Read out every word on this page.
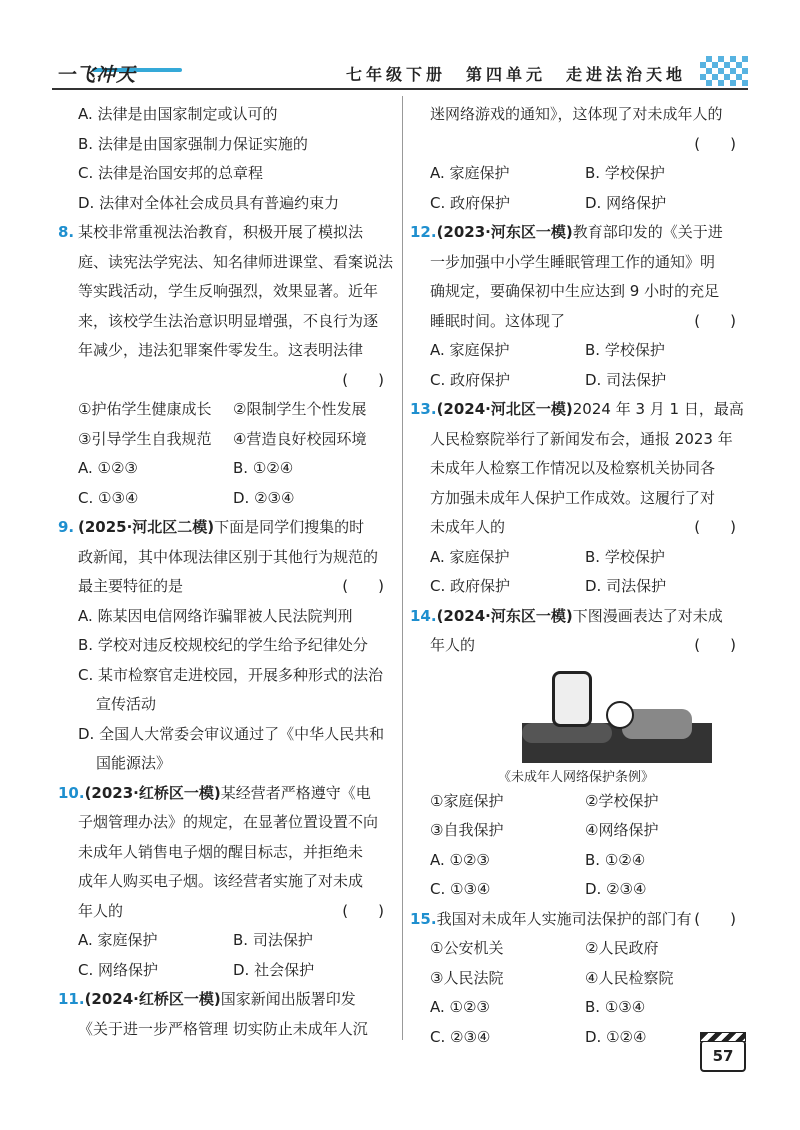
一飞冲天	七年级下册　第四单元　走进法治天地
A. 法律是由国家制定或认可的
B. 法律是由国家强制力保证实施的
C. 法律是治国安邦的总章程
D. 法律对全体社会成员具有普遍约束力
8. 某校非常重视法治教育，积极开展了模拟法
庭、读宪法学宪法、知名律师进课堂、看案说法
等实践活动，学生反响强烈，效果显著。近年
来，该校学生法治意识明显增强，不良行为逐
年减少，违法犯罪案件零发生。这表明法律
(　　)

①护佑学生健康成长	②限制学生个性发展
③引导学生自我规范	④营造良好校园环境
A. ①②③	B. ①②④
C. ①③④	D. ②③④
9. (2025·河北区二模)下面是同学们搜集的时
政新闻，其中体现法律区别于其他行为规范的
最主要特征的是	(　　)
A. 陈某因电信网络诈骗罪被人民法院判刑
B. 学校对违反校规校纪的学生给予纪律处分
C. 某市检察官走进校园，开展多种形式的法治
宣传活动
D. 全国人大常委会审议通过了《中华人民共和
国能源法》
10.(2023·红桥区一模)某经营者严格遵守《电
子烟管理办法》的规定，在显著位置设置不向
未成年人销售电子烟的醒目标志，并拒绝未
成年人购买电子烟。该经营者实施了对未成
年人的	(　　)
A. 家庭保护	B. 司法保护
C. 网络保护	D. 社会保护
11.(2024·红桥区一模)国家新闻出版署印发
《关于进一步严格管理 切实防止未成年人沉
迷网络游戏的通知》，这体现了对未成年人的
(　　)

A. 家庭保护	B. 学校保护
C. 政府保护	D. 网络保护
12.(2023·河东区一模)教育部印发的《关于进
一步加强中小学生睡眠管理工作的通知》明
确规定，要确保初中生应达到 9 小时的充足
睡眠时间。这体现了	(　　)
A. 家庭保护	B. 学校保护
C. 政府保护	D. 司法保护
13.(2024·河北区一模)2024 年 3 月 1 日，最高
人民检察院举行了新闻发布会，通报 2023 年
未成年人检察工作情况以及检察机关协同各
方加强未成年人保护工作成效。这履行了对
未成年人的	(　　)
A. 家庭保护	B. 学校保护
C. 政府保护	D. 司法保护
14.(2024·河东区一模)下图漫画表达了对未成
年人的	(　　)
《未成年人网络保护条例》
①家庭保护	②学校保护
③自我保护	④网络保护
A. ①②③	B. ①②④
C. ①③④	D. ②③④
15.我国对未成年人实施司法保护的部门有 (　　)
①公安机关	②人民政府
③人民法院	④人民检察院
A. ①②③	B. ①③④
C. ②③④	D. ①②④
57
